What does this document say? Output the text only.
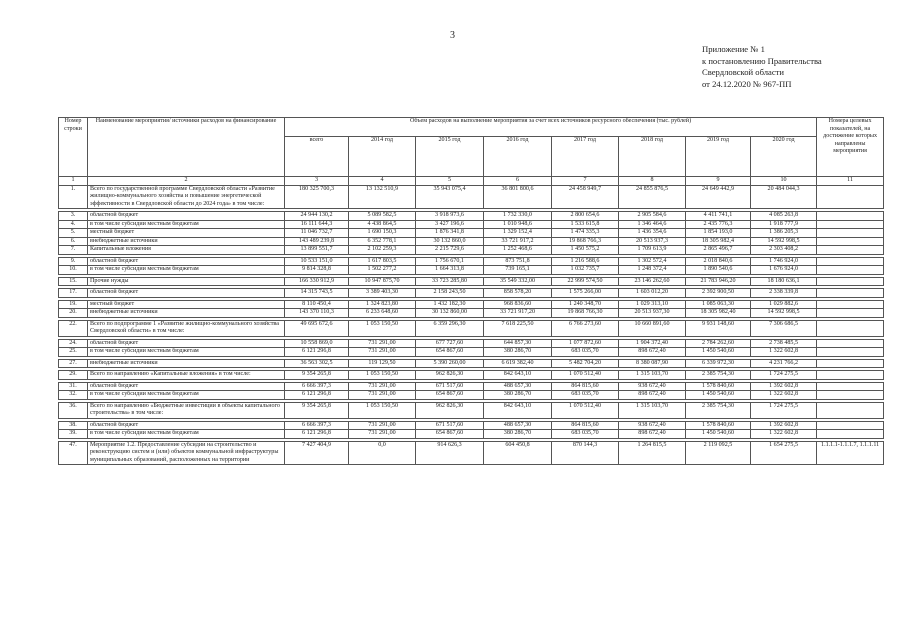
3
Приложение № 1
к постановлению Правительства
Свердловской области
от 24.12.2020 № 967-ПП
Номер строки	Наименование мероприятия/ источники расходов на финансирование	Объем расходов на выполнение мероприятия за счет всех источников ресурсного обеспечения (тыс. рублей)								Номера целевых показателей, на достижение которых направлены мероприятия
		всего	2014 год	2015 год	2016 год	2017 год	2018 год	2019 год	2020 год	
1	2	3	4	5	6	7	8	9	10	11
1.	Всего по государственной программе Свердловской области «Развитие жилищно-коммунального хозяйства и повышение энергетической эффективности в Свердловской области до 2024 года» в том числе:	180 325 700,3	13 132 510,9	35 943 075,4	36 801 800,6	24 458 949,7	24 855 876,5	24 649 442,9	20 484 044,3	

3.	областной бюджет	24 944 130,2	5 089 582,5	3 918 973,6	1 732 330,0	2 800 654,6	2 905 584,6	4 411 741,1	4 085 263,8	
4.	в том числе субсидии местным бюджетам	16 111 644,3	4 438 864,5	3 427 196,6	1 010 948,6	1 533 615,8	1 346 464,6	2 435 776,3	1 918 777,9	
5.	местный бюджет	11 046 732,7	1 690 150,3	1 876 341,8	1 329 152,4	1 474 335,3	1 436 354,6	1 854 193,0	1 386 205,3	
6.	внебюджетные источники	143 489 239,8	6 352 778,1	30 132 860,0	33 721 917,2	19 868 766,3	20 513 937,3	18 305 982,4	14 592 998,5	
7.	Капитальные вложения	13 899 551,7	2 102 259,3	2 215 729,6	1 252 468,6	1 450 575,2	1 709 613,9	2 865 496,7	2 303 408,2	

9.	областной бюджет	10 533 151,0	1 617 803,5	1 756 670,1	873 751,8	1 216 588,6	1 302 572,4	2 018 840,6	1 746 924,0	
10.	в том числе субсидии местным бюджетам	9 814 328,8	1 502 277,2	1 664 313,8	739 165,1	1 032 735,7	1 248 372,4	1 890 540,6	1 676 924,0	

15.	Прочие нужды	166 330 912,9	10 947 875,70	33 723 285,80	35 549 332,00	22 999 574,50	23 146 262,60	21 783 946,20	18 180 636,1	

17.	областной бюджет	14 315 743,5	3 389 403,30	2 158 243,50	858 578,20	1 575 266,00	1 603 012,20	2 392 900,50	2 338 339,8	

19.	местный бюджет	8 110 450,4	1 324 823,80	1 432 182,30	968 836,60	1 240 348,70	1 029 313,10	1 085 063,30	1 029 882,6	
20.	внебюджетные источники	143 370 110,3	6 233 648,60	30 132 860,00	33 721 917,20	19 868 766,30	20 513 937,30	18 305 982,40	14 592 998,5	

22.	Всего по подпрограмме 1 «Развитие жилищно-коммунального хозяйства Свердловской области» в том числе:	49 695 672,6	1 053 150,50	6 359 296,30	7 618 225,50	6 766 273,60	10 660 891,60	9 931 148,60	7 306 686,5	

24.	областной бюджет	10 558 869,0	731 291,00	677 727,60	644 857,30	1 077 872,60	1 904 372,40	2 784 262,60	2 738 485,5	
25.	в том числе субсидии местным бюджетам	6 121 296,8	731 291,00	654 867,60	380 286,70	683 035,70	898 672,40	1 450 540,60	1 322 602,8	

27.	внебюджетные источники	36 563 302,5	119 129,50	5 390 260,00	6 619 382,40	5 482 704,20	8 380 087,90	6 339 972,30	4 231 766,2	

29.	Всего по направлению «Капитальные вложения» в том числе:	9 354 265,8	1 053 150,50	962 826,30	842 643,10	1 070 512,40	1 315 103,70	2 385 754,30	1 724 275,5	

31.	областной бюджет	6 666 397,3	731 291,00	671 517,60	488 657,30	864 815,60	938 672,40	1 578 840,60	1 392 602,8	
32.	в том числе субсидии местным бюджетам	6 121 296,8	731 291,00	654 867,60	380 286,70	683 035,70	898 672,40	1 450 540,60	1 322 602,8	

36.	Всего по направлению «Бюджетные инвестиции в объекты капитального строительства» в том числе:	9 354 265,8	1 053 150,50	962 826,30	842 643,10	1 070 512,40	1 315 103,70	2 385 754,30	1 724 275,5	

38.	областной бюджет	6 666 397,3	731 291,00	671 517,60	488 657,30	864 815,60	938 672,40	1 578 840,60	1 392 602,8	
39.	в том числе субсидии местным бюджетам	6 121 296,8	731 291,00	654 867,60	380 286,70	683 035,70	898 672,40	1 450 540,60	1 322 602,8	

47.	Мероприятие 1.2. Предоставление субсидии на строительство и реконструкцию систем и (или) объектов коммунальной инфраструктуры муниципальных образований, расположенных на территории	7 427 404,9	0,0	914 626,3	604 450,8	870 144,3	1 264 815,5	2 119 092,5	1 654 275,5	1.1.1.1-1.1.1.7, 1.1.1.11
